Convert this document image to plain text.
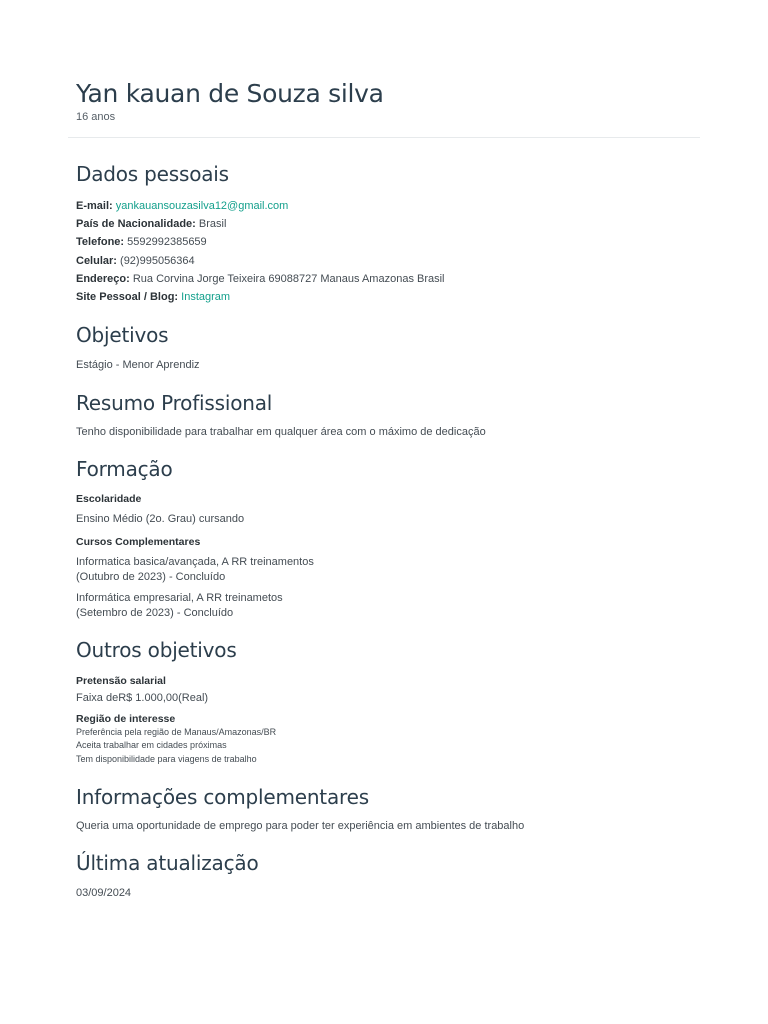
Yan kauan de Souza silva
16 anos
Dados pessoais
E-mail: yankauansouzasilva12@gmail.com
País de Nacionalidade: Brasil
Telefone: 5592992385659
Celular: (92)995056364
Endereço: Rua Corvina Jorge Teixeira 69088727 Manaus Amazonas Brasil
Site Pessoal / Blog: Instagram
Objetivos
Estágio - Menor Aprendiz
Resumo Profissional
Tenho disponibilidade para trabalhar em qualquer área com o máximo de dedicação
Formação
Escolaridade
Ensino Médio (2o. Grau) cursando
Cursos Complementares
Informatica basica/avançada, A RR treinamentos
(Outubro de 2023) - Concluído
Informática empresarial, A RR treinametos
(Setembro de 2023) - Concluído
Outros objetivos
Pretensão salarial
Faixa deR$ 1.000,00(Real)
Região de interesse
Preferência pela região de Manaus/Amazonas/BR
Aceita trabalhar em cidades próximas
Tem disponibilidade para viagens de trabalho
Informações complementares
Queria uma oportunidade de emprego para poder ter experiência em ambientes de trabalho
Última atualização
03/09/2024
